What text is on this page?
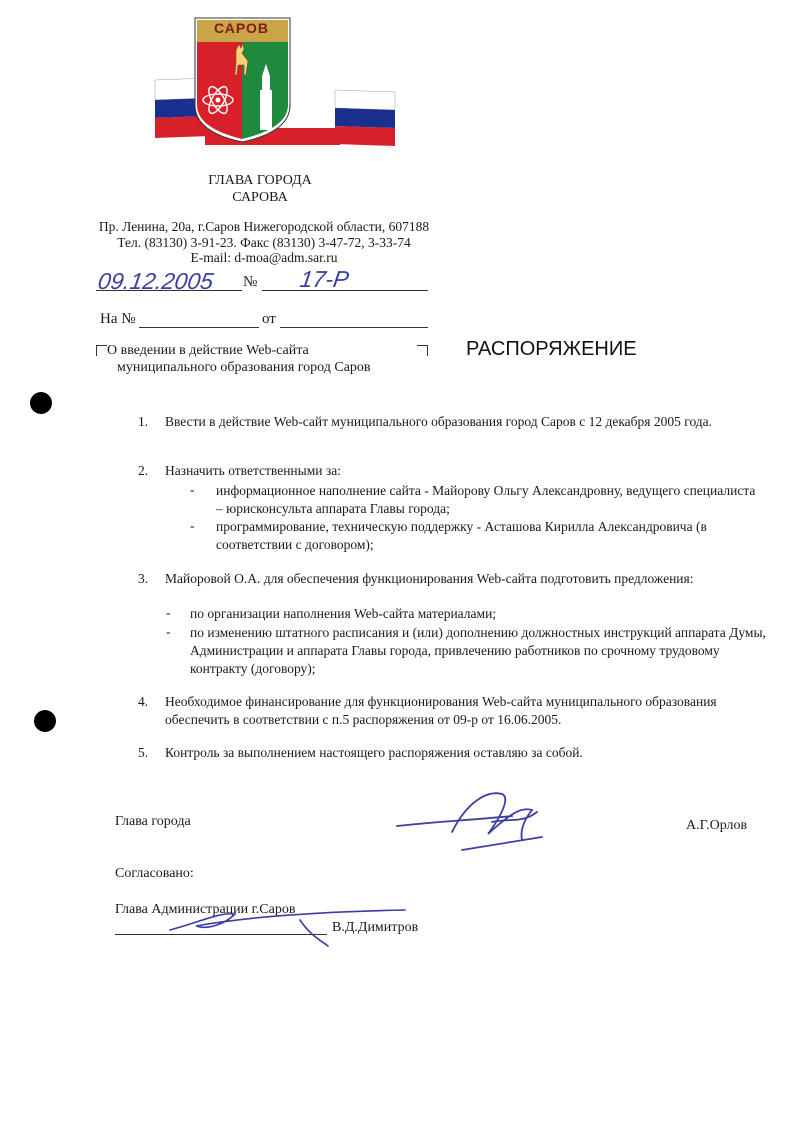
САРОВ
ГЛАВА ГОРОДА
САРОВА
Пр. Ленина, 20а, г.Саров Нижегородской области, 607188
Тел. (83130) 3-91-23. Факс (83130) 3-47-72, 3-33-74
E-mail: d-moa@adm.sar.ru
09.12.2005 № 17-Р
На №	от
О введении в действие Web-сайта
муниципального образования город Саров
РАСПОРЯЖЕНИЕ
1. Ввести в действие Web-сайт муниципального образования город Саров с 12 декабря 2005 года.
2. Назначить ответственными за:
- информационное наполнение сайта - Майорову Ольгу Александровну, ведущего специалиста – юрисконсульта аппарата Главы города;
- программирование, техническую поддержку - Асташова Кирилла Александровича (в соответствии с договором);
3. Майоровой О.А. для обеспечения функционирования Web-сайта подготовить предложения:
- по организации наполнения Web-сайта материалами;
- по изменению штатного расписания и (или) дополнению должностных инструкций аппарата Думы, Администрации и аппарата Главы города, привлечению работников по срочному трудовому контракту (договору);
4. Необходимое финансирование для функционирования Web-сайта муниципального образования обеспечить в соответствии с п.5 распоряжения от 09-р от 16.06.2005.
5. Контроль за выполнением настоящего распоряжения оставляю за собой.
Глава города	А.Г.Орлов
Согласовано:
Глава Администрации г.Саров
В.Д.Димитров
